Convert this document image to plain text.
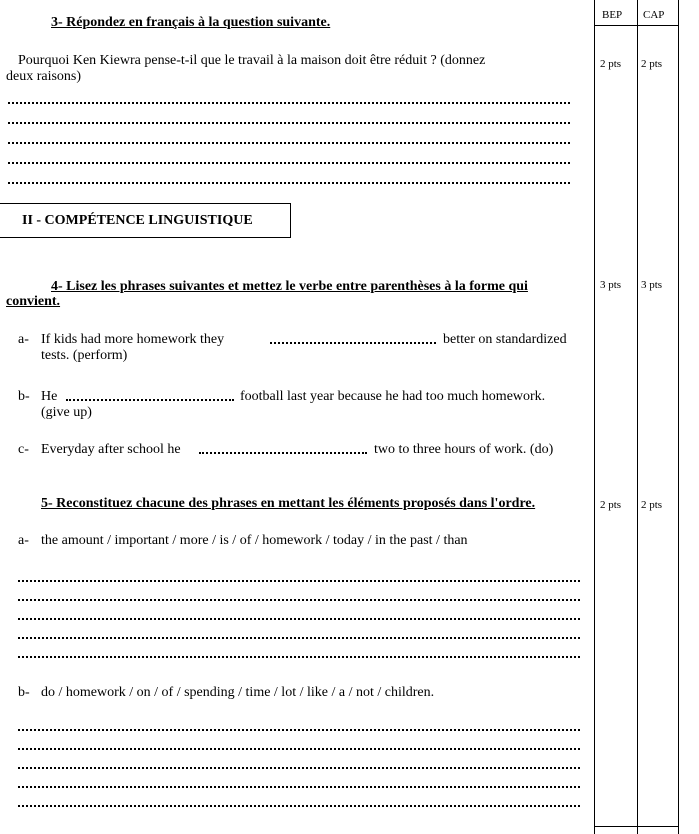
BEP CAP
2 pts 2 pts
3 pts 3 pts
2 pts 2 pts
3- Répondez en français à la question suivante.
Pourquoi Ken Kiewra pense-t-il que le travail à la maison doit être réduit ? (donnez
deux raisons)
II - COMPÉTENCE LINGUISTIQUE
4- Lisez les phrases suivantes et mettez le verbe entre parenthèses à la forme qui
convient.
a- If kids had more homework they	better on standardized
tests. (perform)
b- He	football last year because he had too much homework.
(give up)
c- Everyday after school he	two to three hours of work. (do)
5- Reconstituez chacune des phrases en mettant les éléments proposés dans l'ordre.
a- the amount / important / more / is / of / homework / today / in the past / than
b- do / homework / on / of / spending / time / lot / like / a / not / children.
